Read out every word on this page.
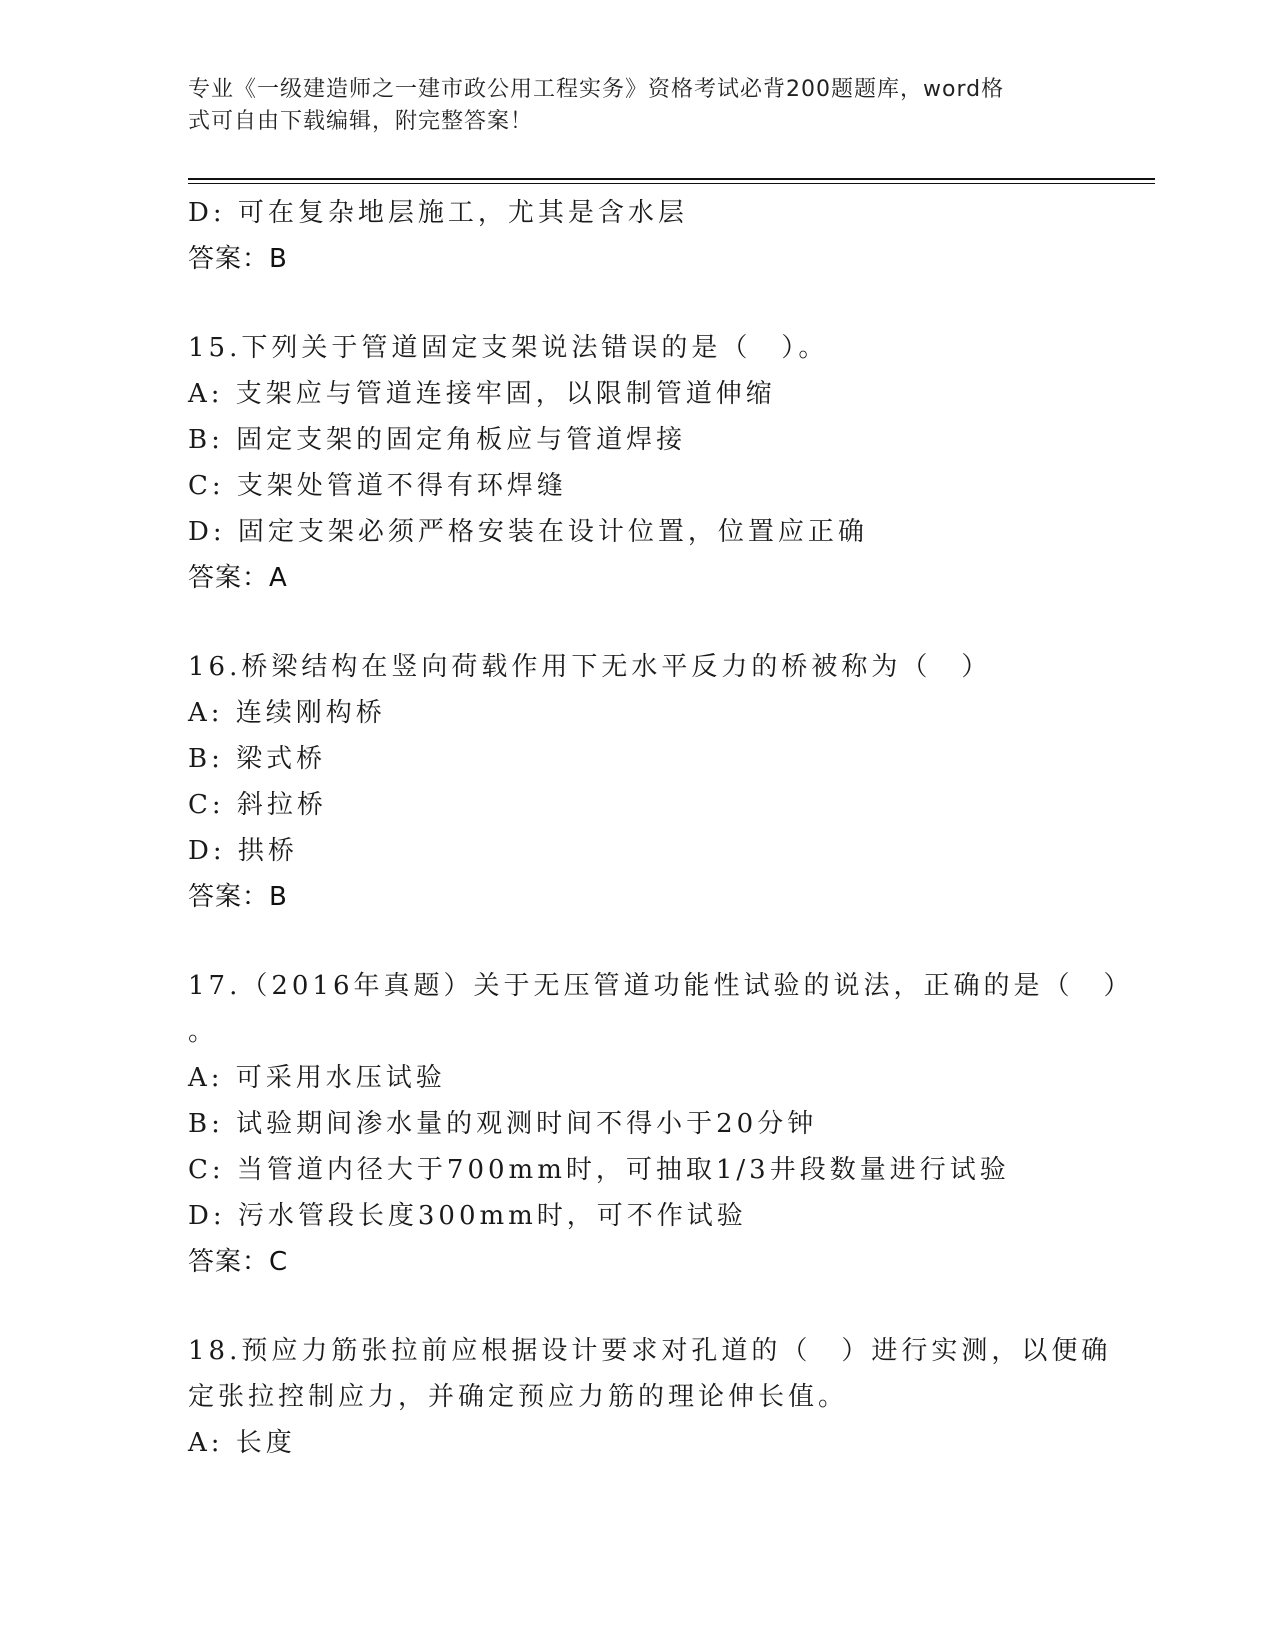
专业《一级建造师之一建市政公用工程实务》资格考试必背200题题库，word格
式可自由下载编辑，附完整答案！
D: 可在复杂地层施工，尤其是含水层
答案：B
15.下列关于管道固定支架说法错误的是（　）。
A: 支架应与管道连接牢固，以限制管道伸缩
B: 固定支架的固定角板应与管道焊接
C: 支架处管道不得有环焊缝
D: 固定支架必须严格安装在设计位置，位置应正确
答案：A
16.桥梁结构在竖向荷载作用下无水平反力的桥被称为（　）
A: 连续刚构桥
B: 梁式桥
C: 斜拉桥
D: 拱桥
答案：B
17.（2016年真题）关于无压管道功能性试验的说法，正确的是（　）
。
A: 可采用水压试验
B: 试验期间渗水量的观测时间不得小于20分钟
C: 当管道内径大于700mm时，可抽取1/3井段数量进行试验
D: 污水管段长度300mm时，可不作试验
答案：C
18.预应力筋张拉前应根据设计要求对孔道的（　）进行实测，以便确
定张拉控制应力，并确定预应力筋的理论伸长值。
A: 长度
